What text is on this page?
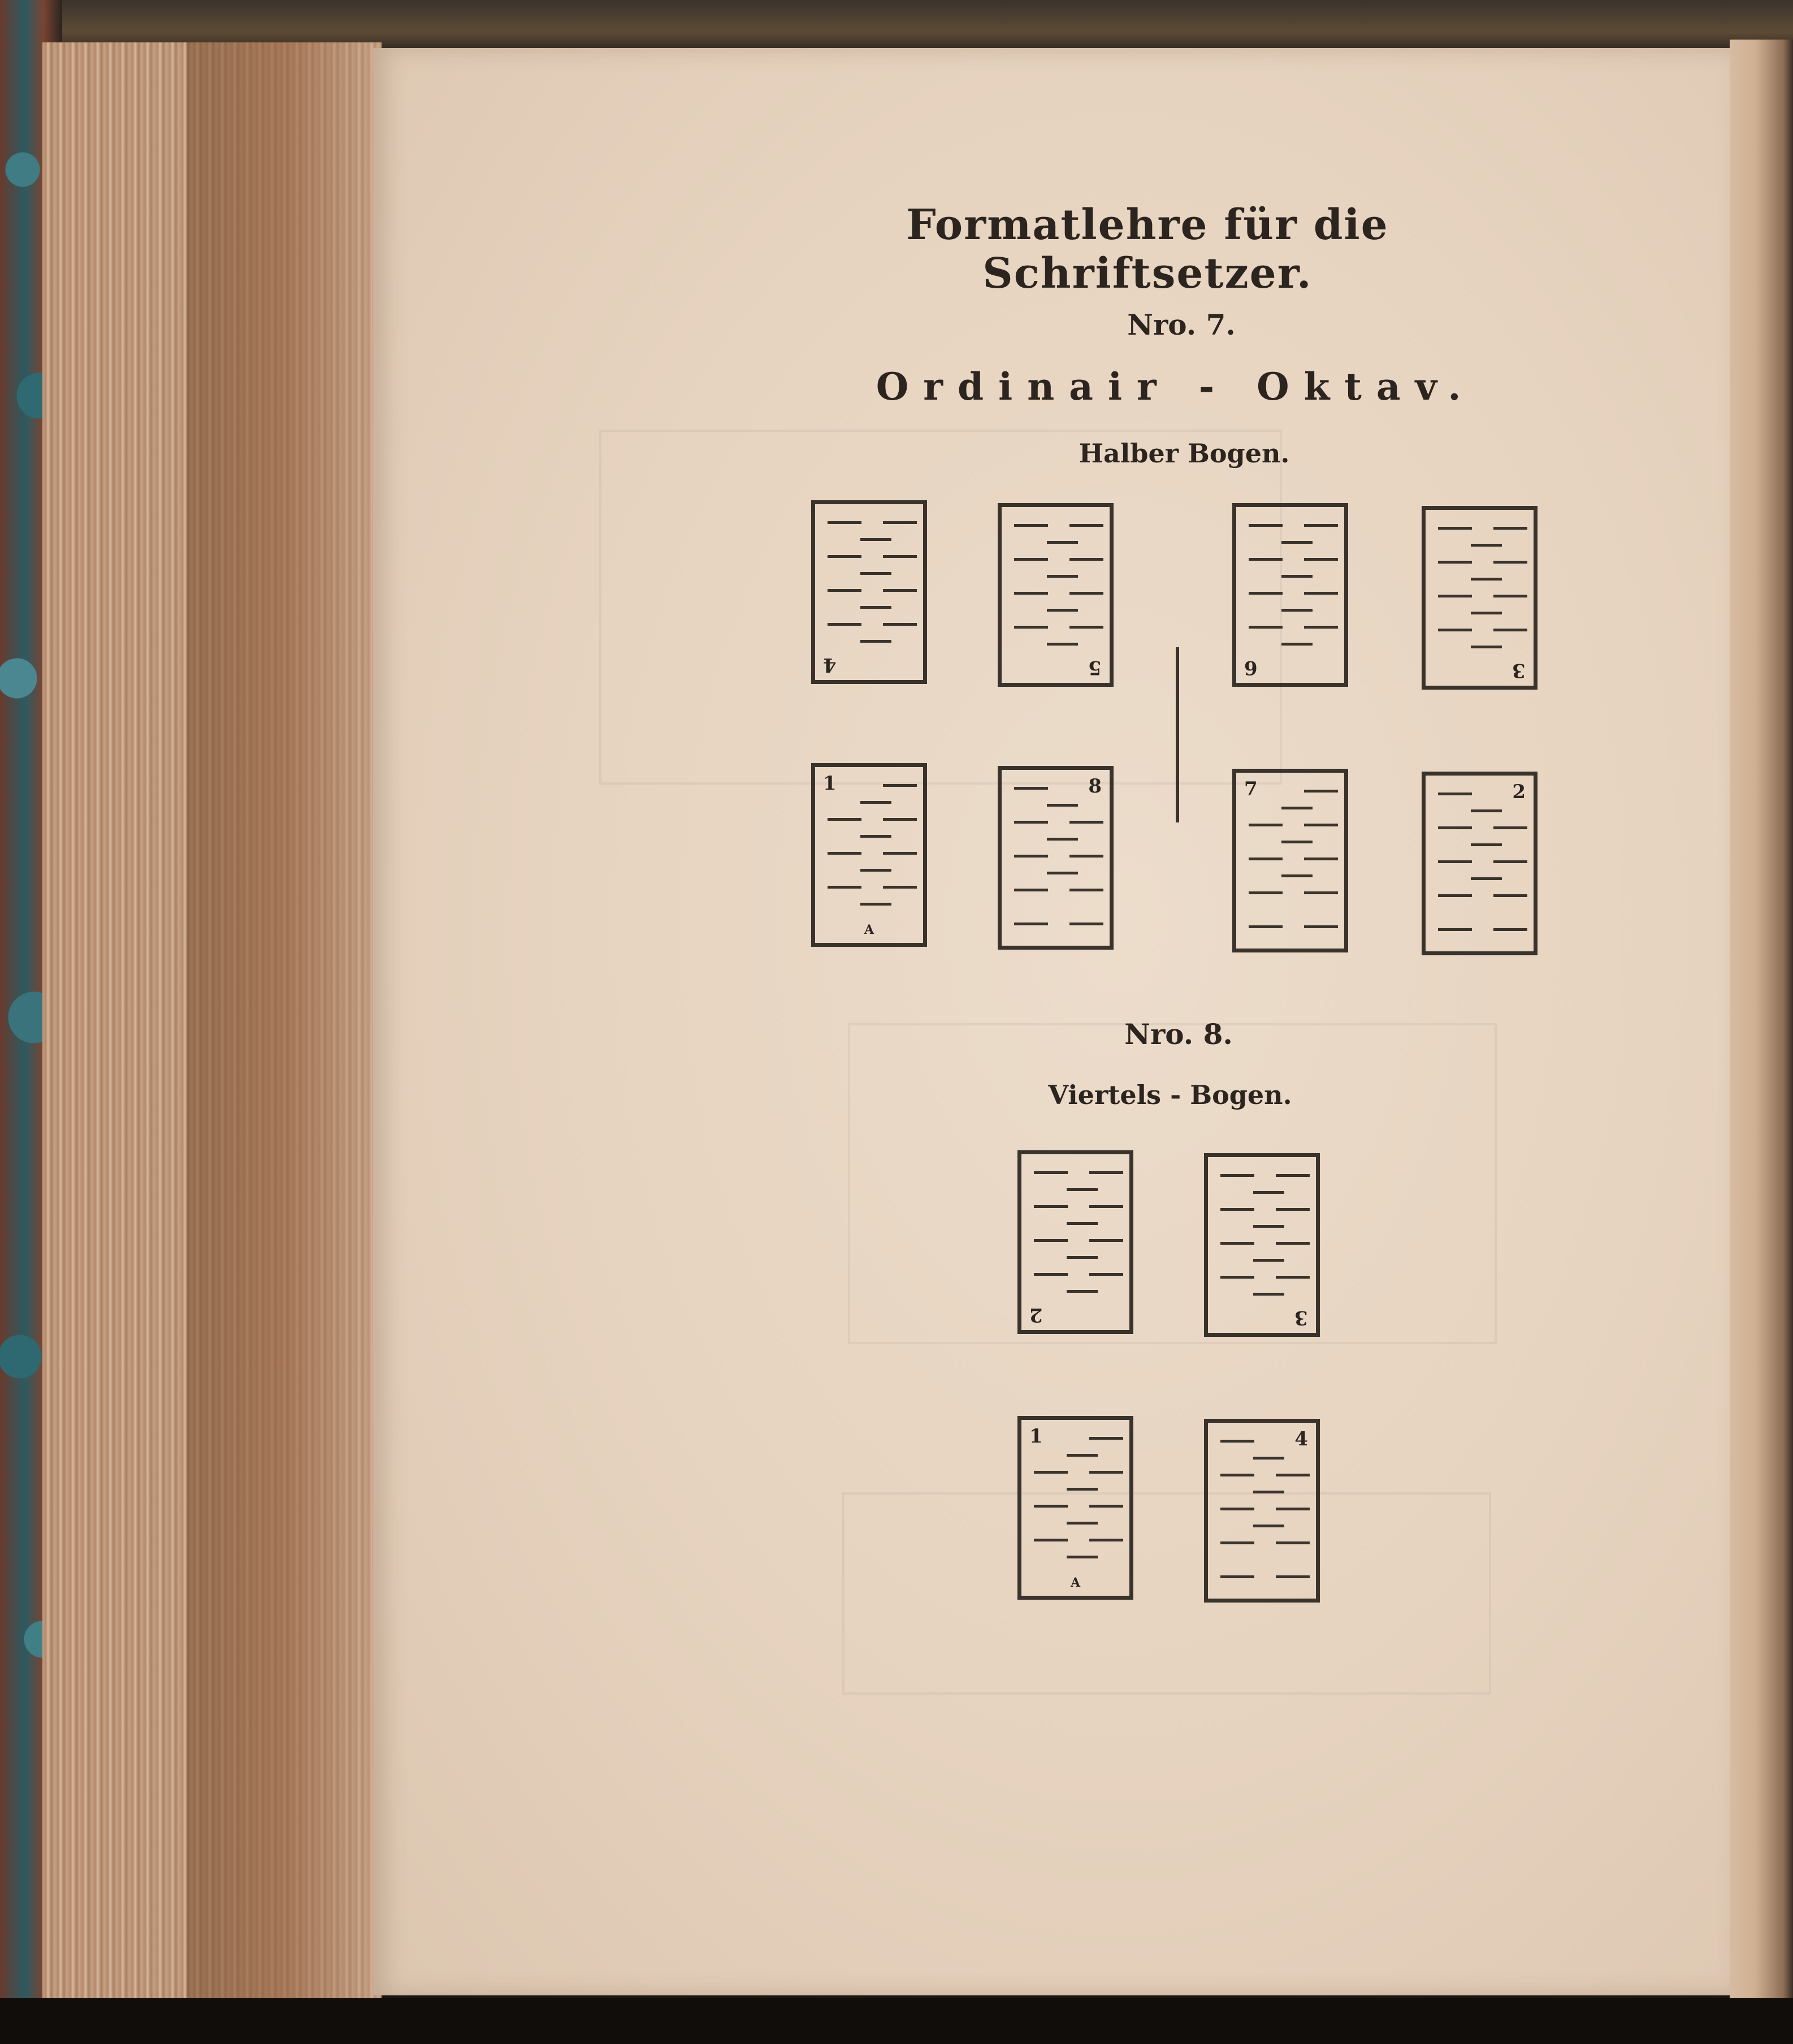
Formatlehre für die Schriftsetzer.
Nro. 7.
Ordinair - Oktav.
Halber Bogen.
4	5	6	3
1
A
8	7	2
Nro. 8.
Viertels - Bogen.
2	3
1
A
4
